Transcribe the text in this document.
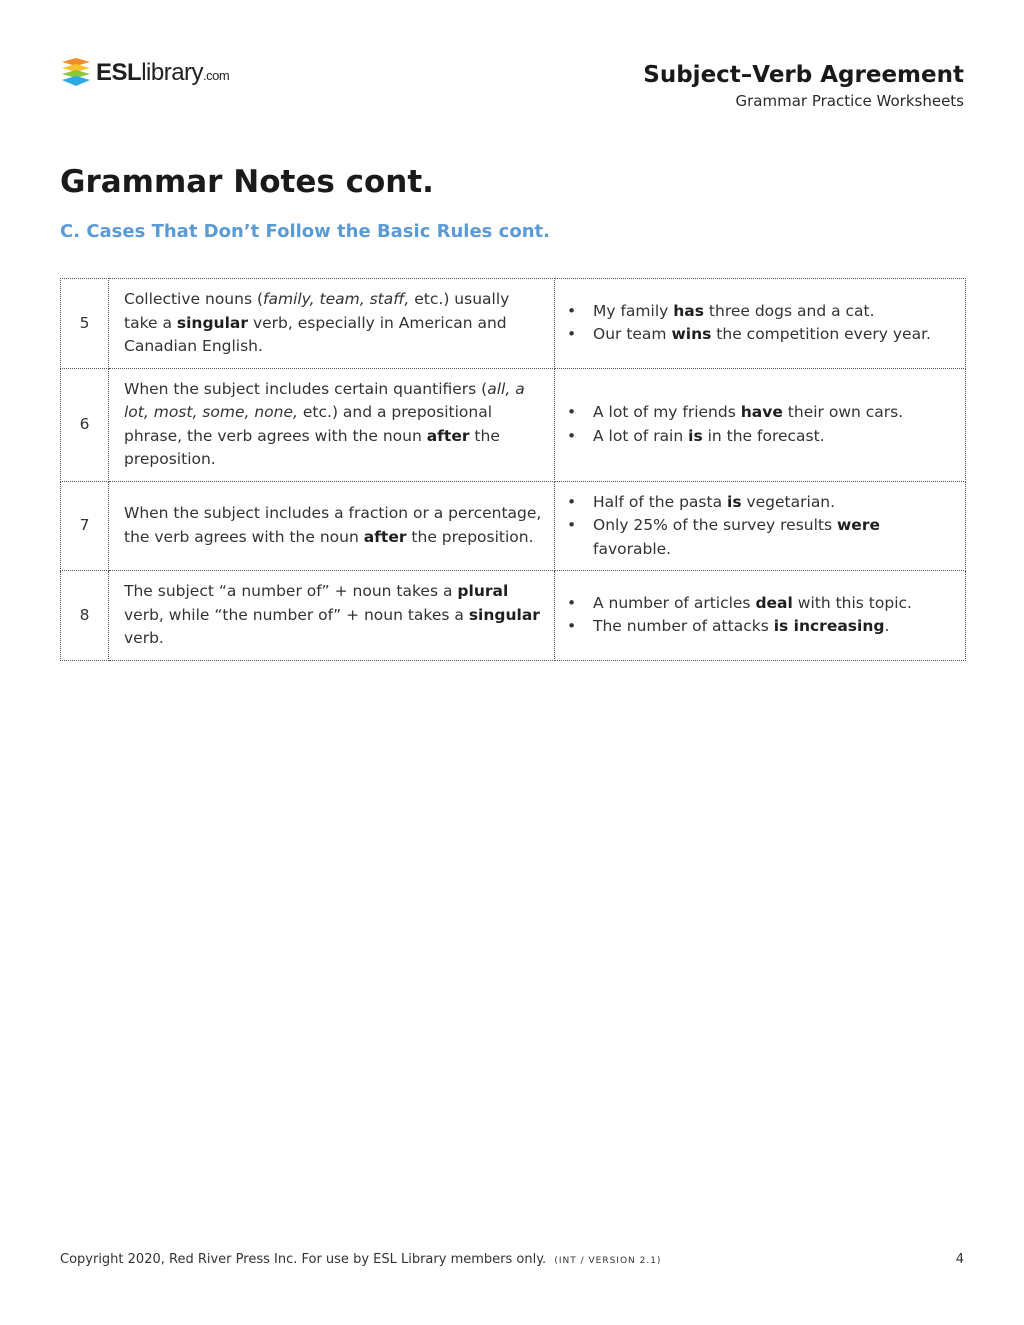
ESLlibrary.com	Subject–Verb Agreement
Grammar Practice Worksheets
Grammar Notes cont.
C. Cases That Don’t Follow the Basic Rules cont.
5	Collective nouns (family, team, staff, etc.) usually take a singular verb, especially in American and Canadian English.	• My family has three dogs and a cat.
• Our team wins the competition every year.

6	When the subject includes certain quantifiers (all, a lot, most, some, none, etc.) and a prepositional phrase, the verb agrees with the noun after the preposition.	• A lot of my friends have their own cars.
• A lot of rain is in the forecast.

7	When the subject includes a fraction or a percentage, the verb agrees with the noun after the preposition.	• Half of the pasta is vegetarian.
• Only 25% of the survey results were favorable.

8	The subject “a number of” + noun takes a plural verb, while “the number of” + noun takes a singular verb.	• A number of articles deal with this topic.
• The number of attacks is increasing.
Copyright 2020, Red River Press Inc. For use by ESL Library members only. (INT / VERSION 2.1)	4
